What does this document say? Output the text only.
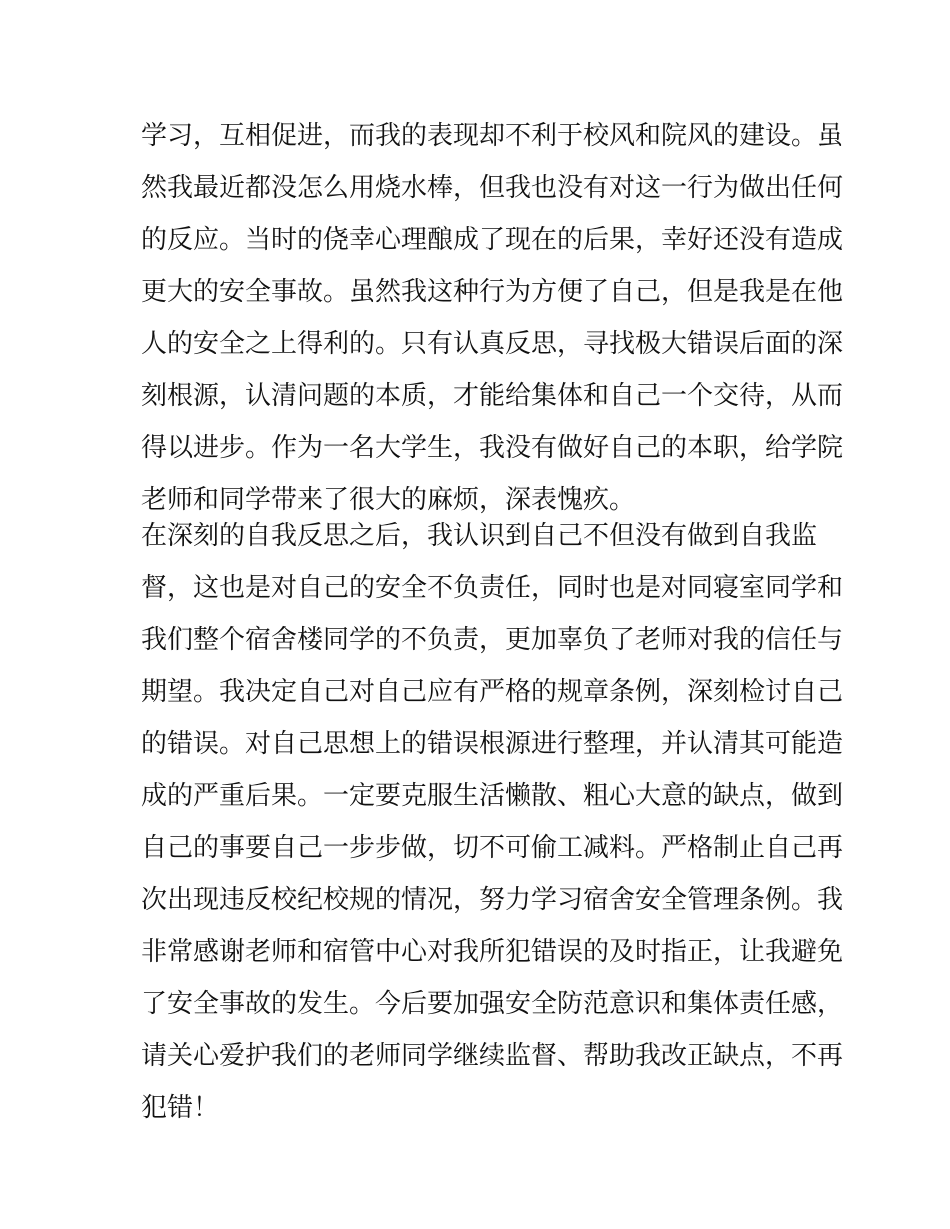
学习，互相促进，而我的表现却不利于校风和院风的建设。虽
然我最近都没怎么用烧水棒，但我也没有对这一行为做出任何
的反应。当时的侥幸心理酿成了现在的后果，幸好还没有造成
更大的安全事故。虽然我这种行为方便了自己，但是我是在他
人的安全之上得利的。只有认真反思，寻找极大错误后面的深
刻根源，认清问题的本质，才能给集体和自己一个交待，从而
得以进步。作为一名大学生，我没有做好自己的本职，给学院
老师和同学带来了很大的麻烦，深表愧疚。
在深刻的自我反思之后，我认识到自己不但没有做到自我监
督，这也是对自己的安全不负责任，同时也是对同寝室同学和
我们整个宿舍楼同学的不负责，更加辜负了老师对我的信任与
期望。我决定自己对自己应有严格的规章条例，深刻检讨自己
的错误。对自己思想上的错误根源进行整理，并认清其可能造
成的严重后果。一定要克服生活懒散、粗心大意的缺点，做到
自己的事要自己一步步做，切不可偷工减料。严格制止自己再
次出现违反校纪校规的情况，努力学习宿舍安全管理条例。我
非常感谢老师和宿管中心对我所犯错误的及时指正，让我避免
了安全事故的发生。今后要加强安全防范意识和集体责任感，
请关心爱护我们的老师同学继续监督、帮助我改正缺点，不再
犯错！
